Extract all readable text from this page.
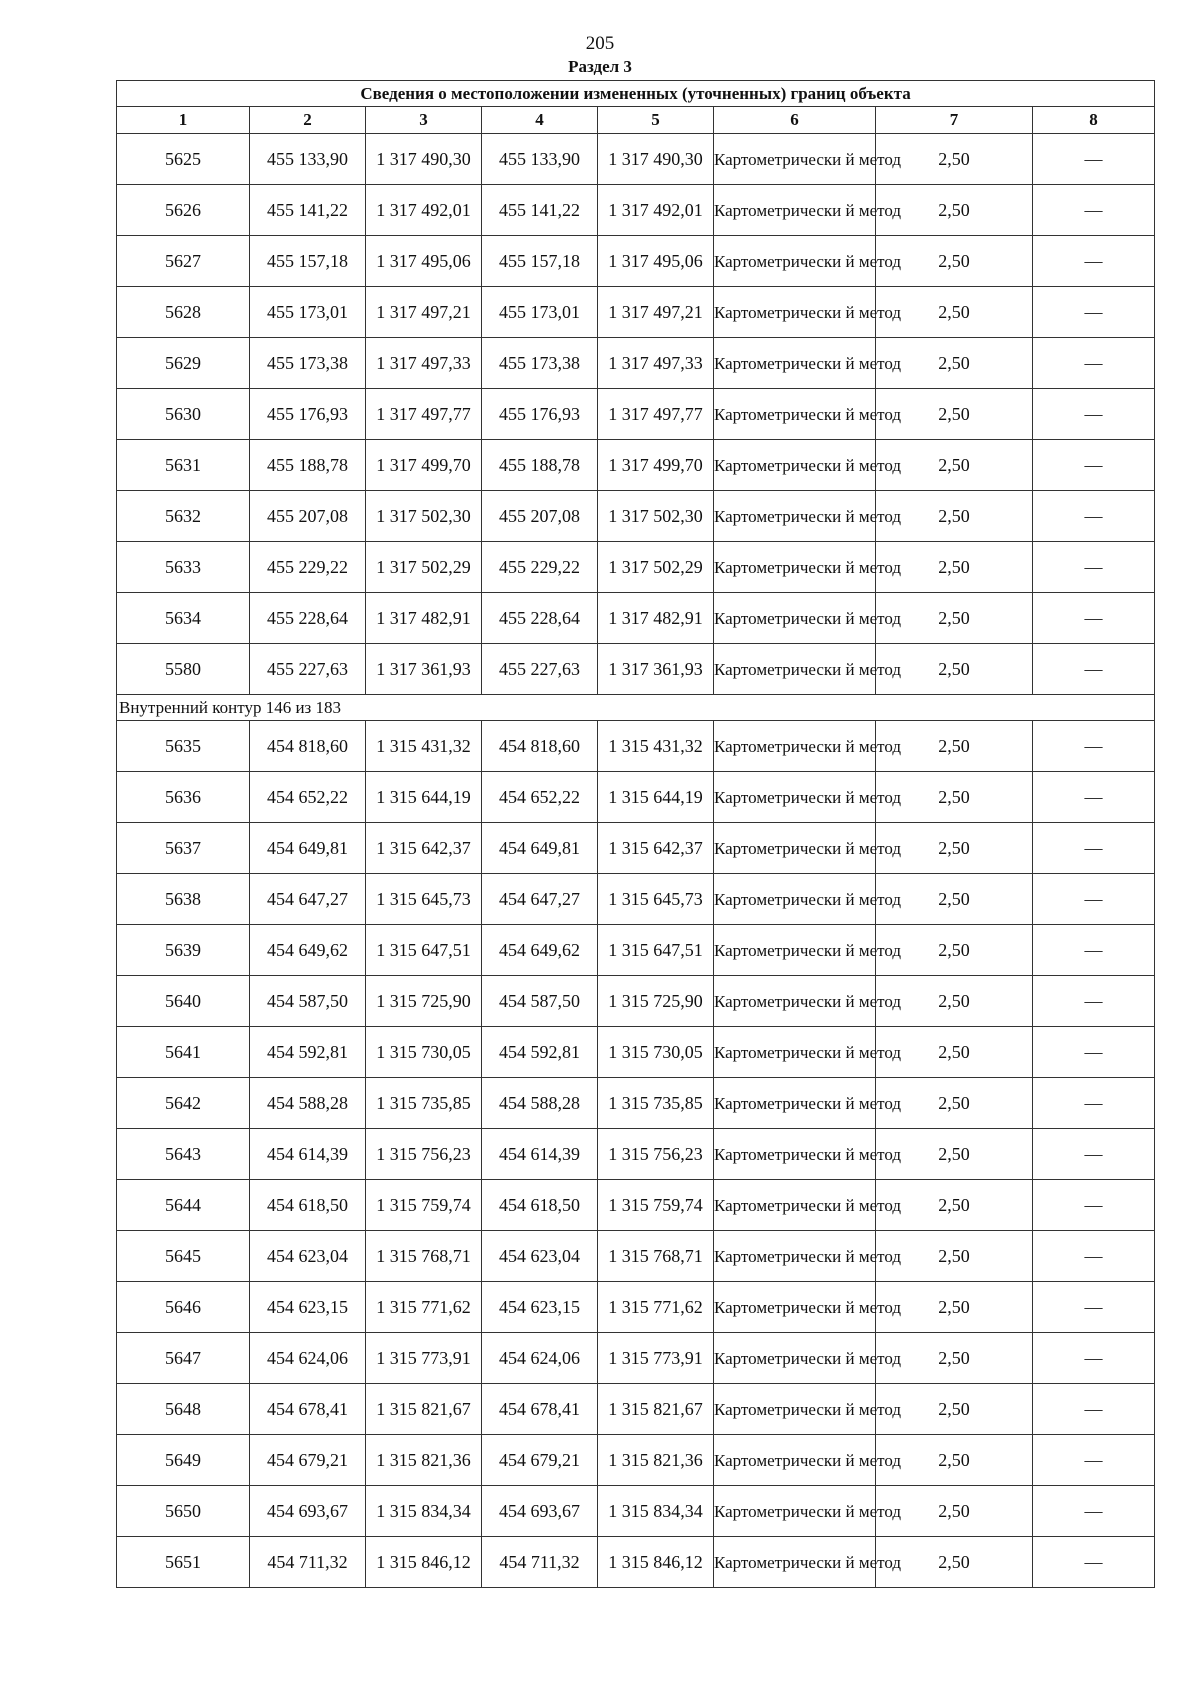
205
Раздел 3
Сведения о местоположении измененных (уточненных) границ объекта							
1	2	3	4	5	6	7	8
5625	455 133,90	1 317 490,30	455 133,90	1 317 490,30	Картометрически й метод	2,50	—
5626	455 141,22	1 317 492,01	455 141,22	1 317 492,01	Картометрически й метод	2,50	—
5627	455 157,18	1 317 495,06	455 157,18	1 317 495,06	Картометрически й метод	2,50	—
5628	455 173,01	1 317 497,21	455 173,01	1 317 497,21	Картометрически й метод	2,50	—
5629	455 173,38	1 317 497,33	455 173,38	1 317 497,33	Картометрически й метод	2,50	—
5630	455 176,93	1 317 497,77	455 176,93	1 317 497,77	Картометрически й метод	2,50	—
5631	455 188,78	1 317 499,70	455 188,78	1 317 499,70	Картометрически й метод	2,50	—
5632	455 207,08	1 317 502,30	455 207,08	1 317 502,30	Картометрически й метод	2,50	—
5633	455 229,22	1 317 502,29	455 229,22	1 317 502,29	Картометрически й метод	2,50	—
5634	455 228,64	1 317 482,91	455 228,64	1 317 482,91	Картометрически й метод	2,50	—
5580	455 227,63	1 317 361,93	455 227,63	1 317 361,93	Картометрически й метод	2,50	—
Внутренний контур 146 из 183							
5635	454 818,60	1 315 431,32	454 818,60	1 315 431,32	Картометрически й метод	2,50	—
5636	454 652,22	1 315 644,19	454 652,22	1 315 644,19	Картометрически й метод	2,50	—
5637	454 649,81	1 315 642,37	454 649,81	1 315 642,37	Картометрически й метод	2,50	—
5638	454 647,27	1 315 645,73	454 647,27	1 315 645,73	Картометрически й метод	2,50	—
5639	454 649,62	1 315 647,51	454 649,62	1 315 647,51	Картометрически й метод	2,50	—
5640	454 587,50	1 315 725,90	454 587,50	1 315 725,90	Картометрически й метод	2,50	—
5641	454 592,81	1 315 730,05	454 592,81	1 315 730,05	Картометрически й метод	2,50	—
5642	454 588,28	1 315 735,85	454 588,28	1 315 735,85	Картометрически й метод	2,50	—
5643	454 614,39	1 315 756,23	454 614,39	1 315 756,23	Картометрически й метод	2,50	—
5644	454 618,50	1 315 759,74	454 618,50	1 315 759,74	Картометрически й метод	2,50	—
5645	454 623,04	1 315 768,71	454 623,04	1 315 768,71	Картометрически й метод	2,50	—
5646	454 623,15	1 315 771,62	454 623,15	1 315 771,62	Картометрически й метод	2,50	—
5647	454 624,06	1 315 773,91	454 624,06	1 315 773,91	Картометрически й метод	2,50	—
5648	454 678,41	1 315 821,67	454 678,41	1 315 821,67	Картометрически й метод	2,50	—
5649	454 679,21	1 315 821,36	454 679,21	1 315 821,36	Картометрически й метод	2,50	—
5650	454 693,67	1 315 834,34	454 693,67	1 315 834,34	Картометрически й метод	2,50	—
5651	454 711,32	1 315 846,12	454 711,32	1 315 846,12	Картометрически й метод	2,50	—
